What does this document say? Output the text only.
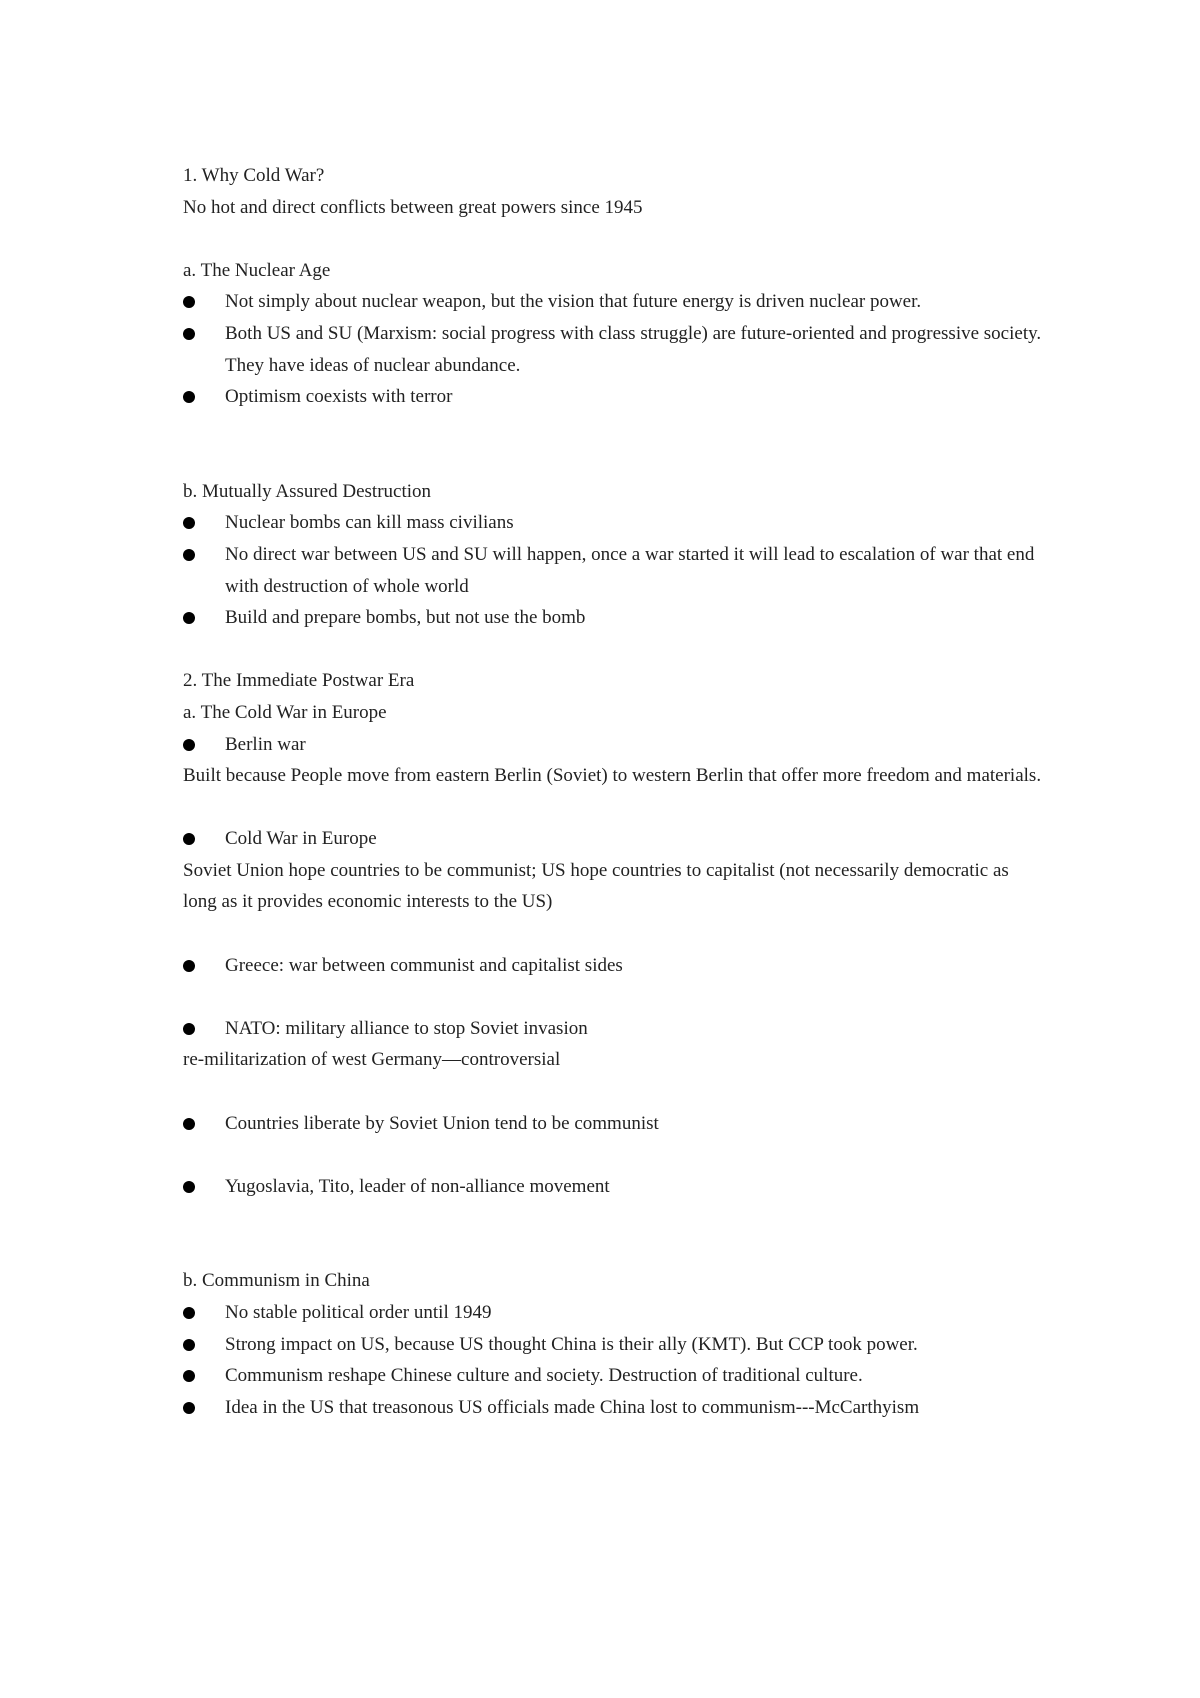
1. Why Cold War?
No hot and direct conflicts between great powers since 1945
a. The Nuclear Age
Not simply about nuclear weapon, but the vision that future energy is driven nuclear power.
Both US and SU (Marxism: social progress with class struggle) are future-oriented and progressive society. They have ideas of nuclear abundance.
Optimism coexists with terror
b. Mutually Assured Destruction
Nuclear bombs can kill mass civilians
No direct war between US and SU will happen, once a war started it will lead to escalation of war that end with destruction of whole world
Build and prepare bombs, but not use the bomb
2. The Immediate Postwar Era
a. The Cold War in Europe
Berlin war
Built because People move from eastern Berlin (Soviet) to western Berlin that offer more freedom and materials.
Cold War in Europe
Soviet Union hope countries to be communist; US hope countries to capitalist (not necessarily democratic as long as it provides economic interests to the US)
Greece: war between communist and capitalist sides
NATO: military alliance to stop Soviet invasion
re-militarization of west Germany—controversial
Countries liberate by Soviet Union tend to be communist
Yugoslavia, Tito, leader of non-alliance movement
b. Communism in China
No stable political order until 1949
Strong impact on US, because US thought China is their ally (KMT). But CCP took power.
Communism reshape Chinese culture and society. Destruction of traditional culture.
Idea in the US that treasonous US officials made China lost to communism---McCarthyism
